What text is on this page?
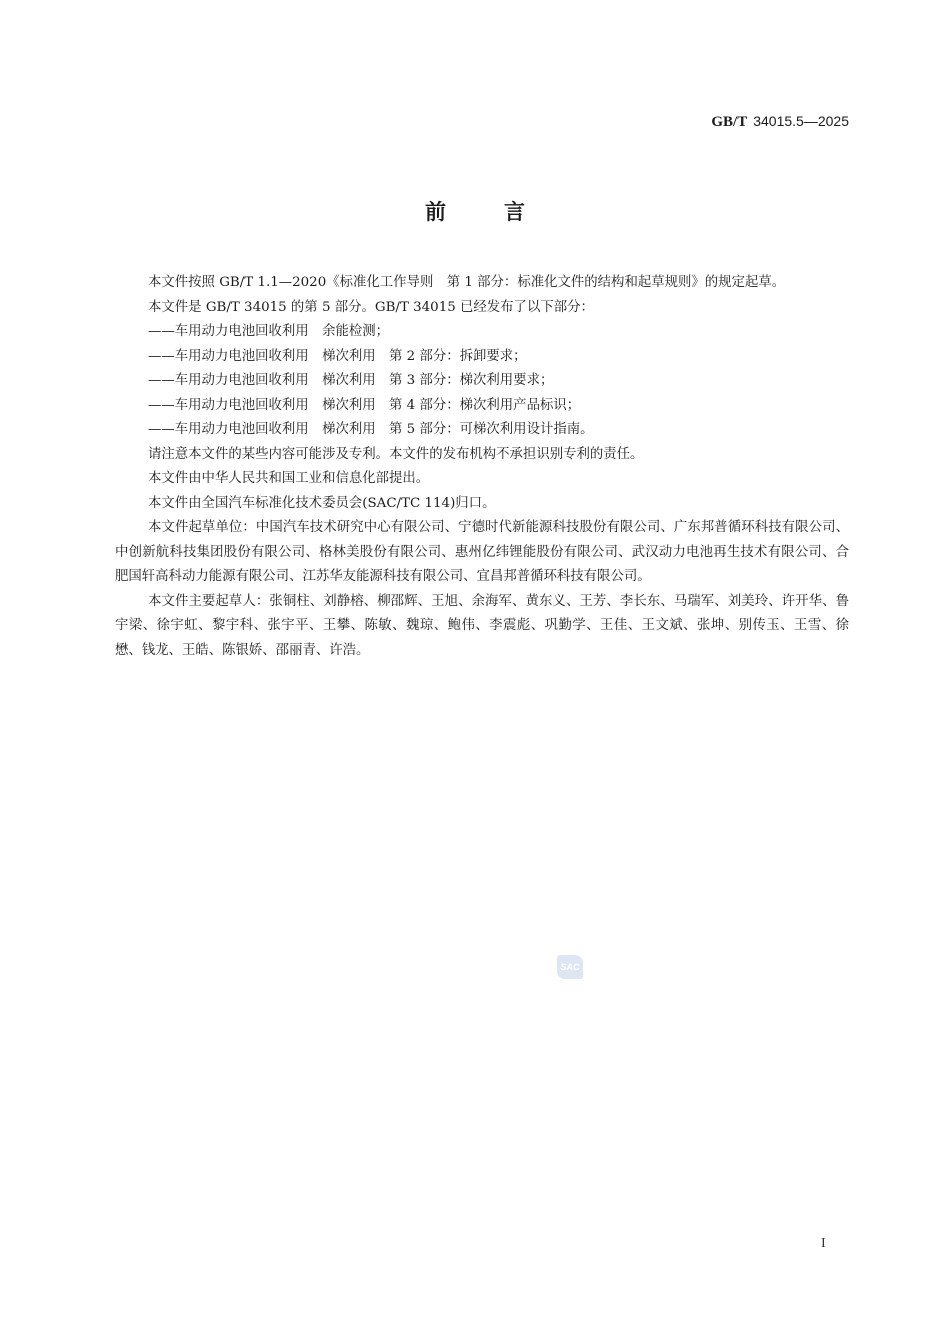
GB/T 34015.5—2025
前	言

本文件按照 GB/T 1.1—2020《标准化工作导则　第 1 部分：标准化文件的结构和起草规则》的规定起草。

本文件是 GB/T 34015 的第 5 部分。GB/T 34015 已经发布了以下部分：

——车用动力电池回收利用　余能检测；

——车用动力电池回收利用　梯次利用　第 2 部分：拆卸要求；

——车用动力电池回收利用　梯次利用　第 3 部分：梯次利用要求；

——车用动力电池回收利用　梯次利用　第 4 部分：梯次利用产品标识；

——车用动力电池回收利用　梯次利用　第 5 部分：可梯次利用设计指南。

请注意本文件的某些内容可能涉及专利。本文件的发布机构不承担识别专利的责任。

本文件由中华人民共和国工业和信息化部提出。

本文件由全国汽车标准化技术委员会(SAC/TC 114)归口。

本文件起草单位：中国汽车技术研究中心有限公司、宁德时代新能源科技股份有限公司、广东邦普循环科技有限公司、中创新航科技集团股份有限公司、格林美股份有限公司、惠州亿纬锂能股份有限公司、武汉动力电池再生技术有限公司、合肥国轩高科动力能源有限公司、江苏华友能源科技有限公司、宜昌邦普循环科技有限公司。

本文件主要起草人：张铜柱、刘静榕、柳邵辉、王旭、余海军、黄东义、王芳、李长东、马瑞军、刘美玲、许开华、鲁宇梁、徐宇虹、黎宇科、张宇平、王攀、陈敏、魏琼、鲍伟、李震彪、巩勤学、王佳、王文斌、张坤、别传玉、王雪、徐懋、钱龙、王皓、陈银娇、邵丽青、许浩。

SAC
I
